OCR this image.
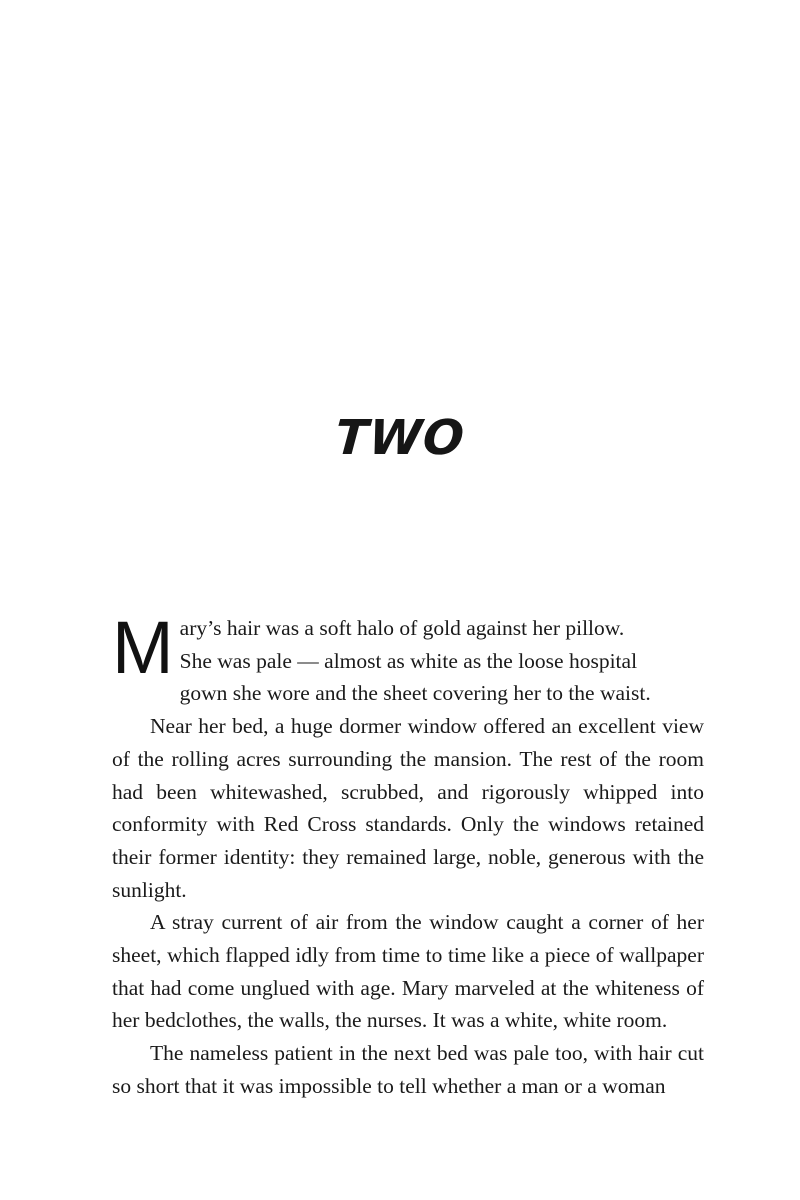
TWO

M ary’s hair was a soft halo of gold against her pillow.
She was pale — almost as white as the loose hospital
gown she wore and the sheet covering her to the waist.

Near her bed, a huge dormer window offered an excellent view of the rolling acres surrounding the mansion. The rest of the room had been whitewashed, scrubbed, and rigorously whipped into conformity with Red Cross standards. Only the windows retained their former identity: they remained large, noble, generous with the sunlight.

A stray current of air from the window caught a corner of her sheet, which flapped idly from time to time like a piece of wallpaper that had come unglued with age. Mary marveled at the whiteness of her bedclothes, the walls, the nurses. It was a white, white room.

The nameless patient in the next bed was pale too, with hair cut so short that it was impossible to tell whether a man or a woman
